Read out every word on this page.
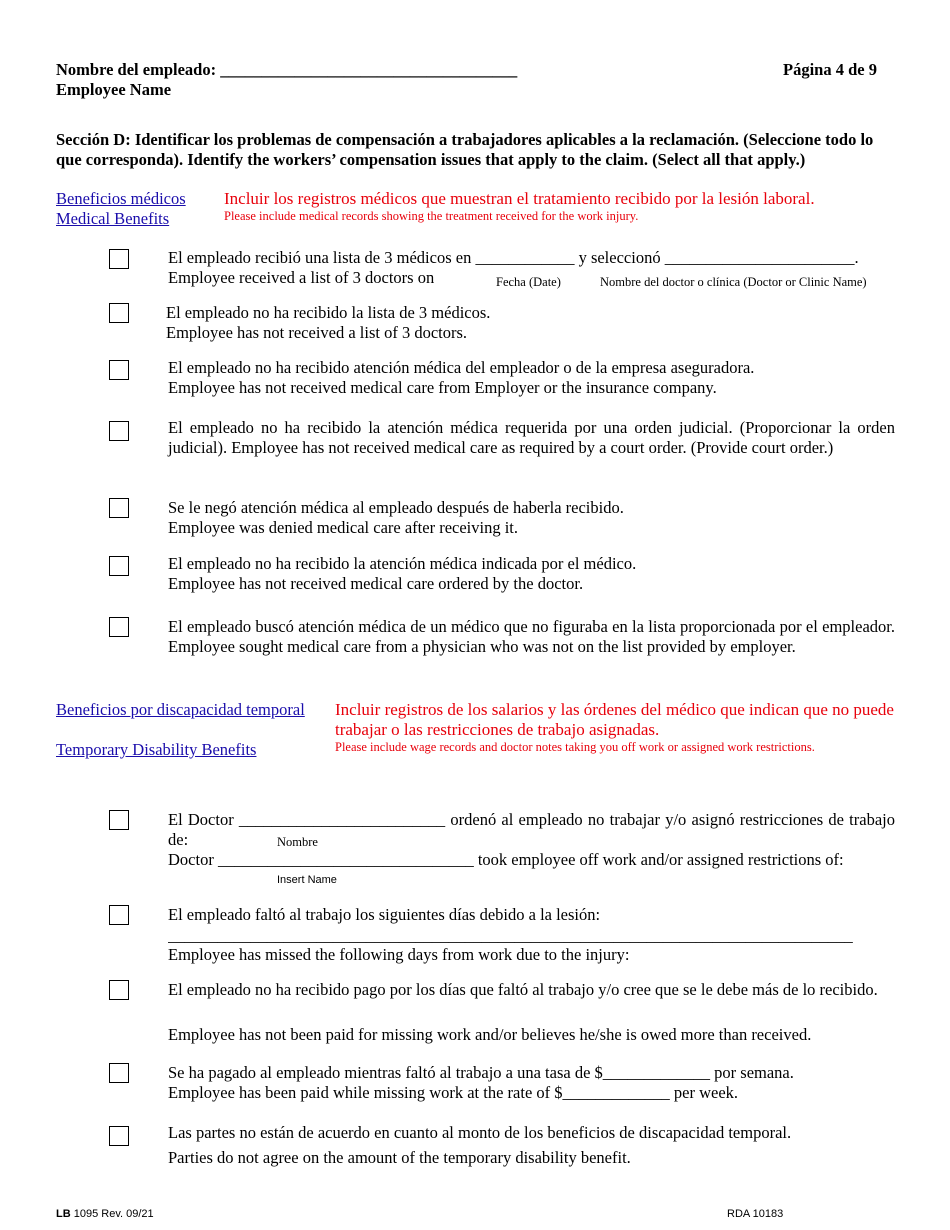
Nombre del empleado: ____________________________________
Employee Name
Página 4 de 9
Sección D: Identificar los problemas de compensación a trabajadores aplicables a la reclamación. (Seleccione todo lo que corresponda). Identify the workers’ compensation issues that apply to the claim. (Select all that apply.)
Beneficios médicos
Medical Benefits
Incluir los registros médicos que muestran el tratamiento recibido por la lesión laboral.
Please include medical records showing the treatment received for the work injury.
El empleado recibió una lista de 3 médicos en ____________ y seleccionó _______________________.
Employee received a list of 3 doctors on	Fecha (Date)	Nombre del doctor o clínica (Doctor or Clinic Name)
El empleado no ha recibido la lista de 3 médicos.
Employee has not received a list of 3 doctors.
El empleado no ha recibido atención médica del empleador o de la empresa aseguradora.
Employee has not received medical care from Employer or the insurance company.
El empleado no ha recibido la atención médica requerida por una orden judicial. (Proporcionar la orden judicial). Employee has not received medical care as required by a court order. (Provide court order.)
Se le negó atención médica al empleado después de haberla recibido.
Employee was denied medical care after receiving it.
El empleado no ha recibido la atención médica indicada por el médico.
Employee has not received medical care ordered by the doctor.
El empleado buscó atención médica de un médico que no figuraba en la lista proporcionada por el empleador. Employee sought medical care from a physician who was not on the list provided by employer.
Beneficios por discapacidad temporal
Temporary Disability Benefits
Incluir registros de los salarios y las órdenes del médico que indican que no puede trabajar o las restricciones de trabajo asignadas.
Please include wage records and doctor notes taking you off work or assigned work restrictions.
El Doctor _________________________ ordenó al empleado no trabajar y/o asignó restricciones de trabajo de:	Nombre
Doctor _______________________________ took employee off work and/or assigned restrictions of:
Insert Name
El empleado faltó al trabajo los siguientes días debido a la lesión:
___________________________________________________________________________________
Employee has missed the following days from work due to the injury:
El empleado no ha recibido pago por los días que faltó al trabajo y/o cree que se le debe más de lo recibido.
Employee has not been paid for missing work and/or believes he/she is owed more than received.
Se ha pagado al empleado mientras faltó al trabajo a una tasa de $_____________ por semana.
Employee has been paid while missing work at the rate of $_____________ per week.
Las partes no están de acuerdo en cuanto al monto de los beneficios de discapacidad temporal.
Parties do not agree on the amount of the temporary disability benefit.
LB 1095 Rev. 09/21	RDA 10183
